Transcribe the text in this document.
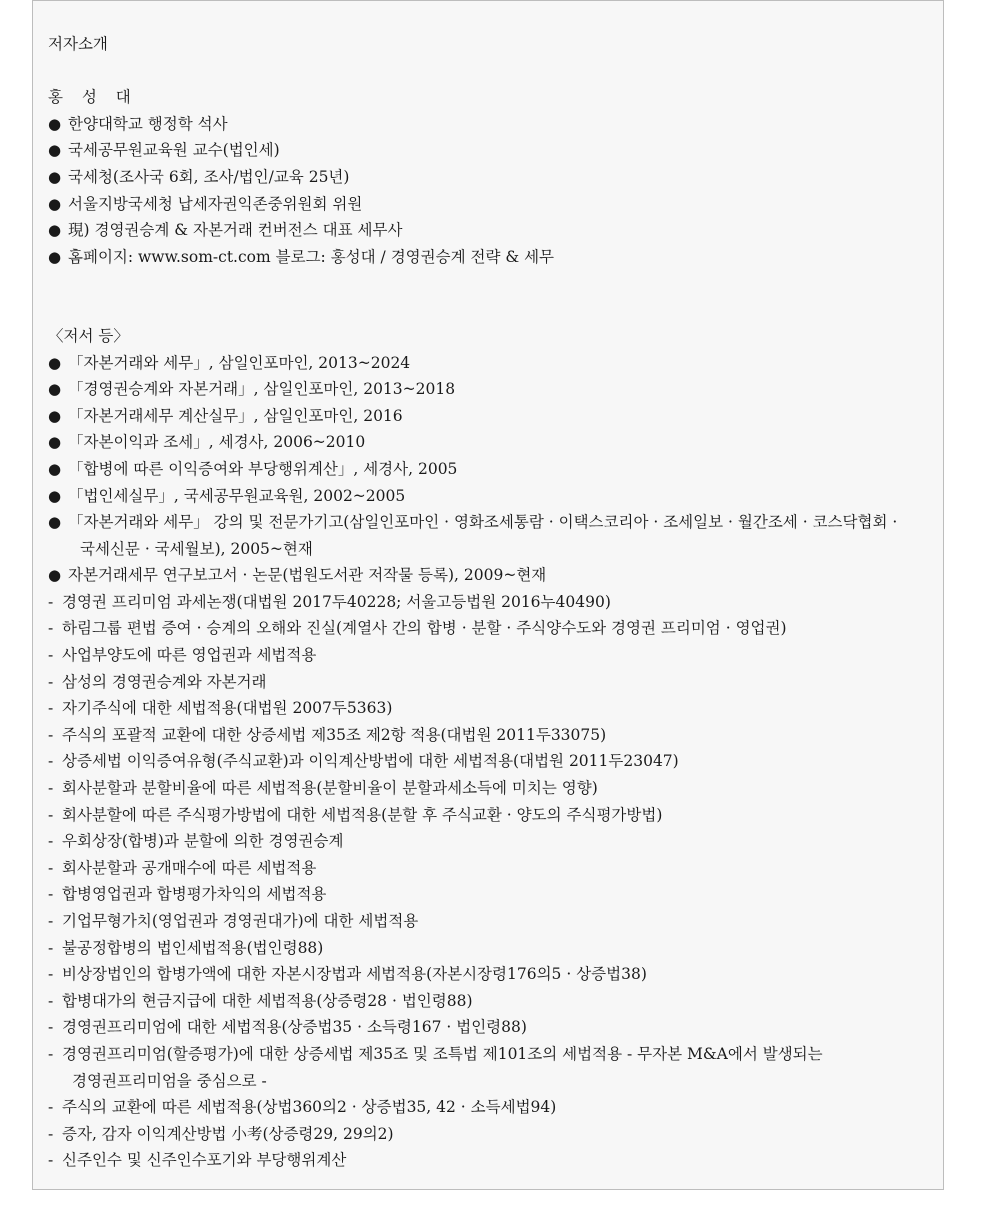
저자소개
홍 성 대
● 한양대학교 행정학 석사
● 국세공무원교육원 교수(법인세)
● 국세청(조사국 6회, 조사/법인/교육 25년)
● 서울지방국세청 납세자권익존중위원회 위원
● 現) 경영권승계 & 자본거래 컨버전스 대표 세무사
● 홈페이지: www.som-ct.com 블로그: 홍성대 / 경영권승계 전략 & 세무
〈저서 등〉
● 「자본거래와 세무」, 삼일인포마인, 2013~2024
● 「경영권승계와 자본거래」, 삼일인포마인, 2013~2018
● 「자본거래세무 계산실무」, 삼일인포마인, 2016
● 「자본이익과 조세」, 세경사, 2006~2010
● 「합병에 따른 이익증여와 부당행위계산」, 세경사, 2005
● 「법인세실무」, 국세공무원교육원, 2002~2005
● 「자본거래와 세무」 강의 및 전문가기고(삼일인포마인 · 영화조세통람 · 이택스코리아 · 조세일보 · 월간조세 · 코스닥협회 ·
국세신문 · 국세월보), 2005~현재
● 자본거래세무 연구보고서 · 논문(법원도서관 저작물 등록), 2009~현재
- 경영권 프리미엄 과세논쟁(대법원 2017두40228; 서울고등법원 2016누40490)
- 하림그룹 편법 증여 · 승계의 오해와 진실(계열사 간의 합병 · 분할 · 주식양수도와 경영권 프리미엄 · 영업권)
- 사업부양도에 따른 영업권과 세법적용
- 삼성의 경영권승계와 자본거래
- 자기주식에 대한 세법적용(대법원 2007두5363)
- 주식의 포괄적 교환에 대한 상증세법 제35조 제2항 적용(대법원 2011두33075)
- 상증세법 이익증여유형(주식교환)과 이익계산방법에 대한 세법적용(대법원 2011두23047)
- 회사분할과 분할비율에 따른 세법적용(분할비율이 분할과세소득에 미치는 영향)
- 회사분할에 따른 주식평가방법에 대한 세법적용(분할 후 주식교환 · 양도의 주식평가방법)
- 우회상장(합병)과 분할에 의한 경영권승계
- 회사분할과 공개매수에 따른 세법적용
- 합병영업권과 합병평가차익의 세법적용
- 기업무형가치(영업권과 경영권대가)에 대한 세법적용
- 불공정합병의 법인세법적용(법인령88)
- 비상장법인의 합병가액에 대한 자본시장법과 세법적용(자본시장령176의5 · 상증법38)
- 합병대가의 현금지급에 대한 세법적용(상증령28 · 법인령88)
- 경영권프리미엄에 대한 세법적용(상증법35 · 소득령167 · 법인령88)
- 경영권프리미엄(할증평가)에 대한 상증세법 제35조 및 조특법 제101조의 세법적용 - 무자본 M&A에서 발생되는
경영권프리미엄을 중심으로 -
- 주식의 교환에 따른 세법적용(상법360의2 · 상증법35, 42 · 소득세법94)
- 증자, 감자 이익계산방법 小考(상증령29, 29의2)
- 신주인수 및 신주인수포기와 부당행위계산
